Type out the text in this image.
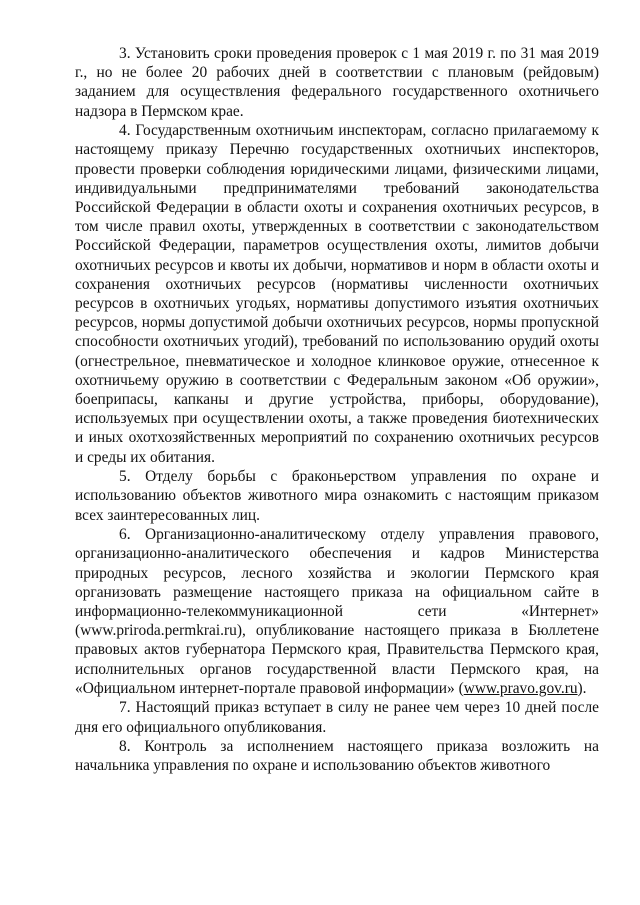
3. Установить сроки проведения проверок с 1 мая 2019 г. по 31 мая 2019 г., но не более 20 рабочих дней в соответствии с плановым (рейдовым) заданием для осуществления федерального государственного охотничьего надзора в Пермском крае.

4. Государственным охотничьим инспекторам, согласно прилагаемому к настоящему приказу Перечню государственных охотничьих инспекторов, провести проверки соблюдения юридическими лицами, физическими лицами, индивидуальными предпринимателями требований законодательства Российской Федерации в области охоты и сохранения охотничьих ресурсов, в том числе правил охоты, утвержденных в соответствии с законодательством Российской Федерации, параметров осуществления охоты, лимитов добычи охотничьих ресурсов и квоты их добычи, нормативов и норм в области охоты и сохранения охотничьих ресурсов (нормативы численности охотничьих ресурсов в охотничьих угодьях, нормативы допустимого изъятия охотничьих ресурсов, нормы допустимой добычи охотничьих ресурсов, нормы пропускной способности охотничьих угодий), требований по использованию орудий охоты (огнестрельное, пневматическое и холодное клинковое оружие, отнесенное к охотничьему оружию в соответствии с Федеральным законом «Об оружии», боеприпасы, капканы и другие устройства, приборы, оборудование), используемых при осуществлении охоты, а также проведения биотехнических и иных охотхозяйственных мероприятий по сохранению охотничьих ресурсов и среды их обитания.

5. Отделу борьбы с браконьерством управления по охране и использованию объектов животного мира ознакомить с настоящим приказом всех заинтересованных лиц.

6. Организационно-аналитическому отделу управления правового, организационно-аналитического обеспечения и кадров Министерства природных ресурсов, лесного хозяйства и экологии Пермского края организовать размещение настоящего приказа на официальном сайте в информационно-телекоммуникационной сети «Интернет» (www.priroda.permkrai.ru), опубликование настоящего приказа в Бюллетене правовых актов губернатора Пермского края, Правительства Пермского края, исполнительных органов государственной власти Пермского края, на «Официальном интернет-портале правовой информации» (www.pravo.gov.ru).

7. Настоящий приказ вступает в силу не ранее чем через 10 дней после дня его официального опубликования.

8. Контроль за исполнением настоящего приказа возложить на начальника управления по охране и использованию объектов животного
